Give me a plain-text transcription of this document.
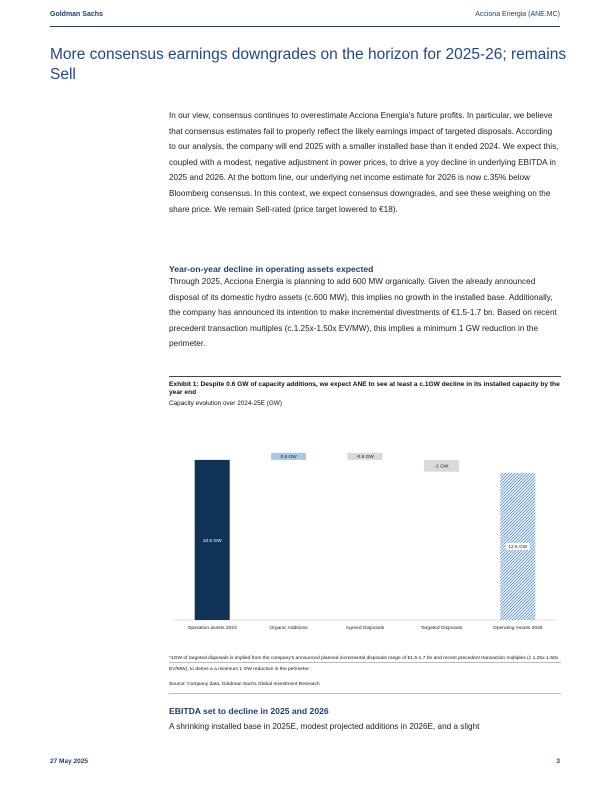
Goldman Sachs	Acciona Energia (ANE.MC)
More consensus earnings downgrades on the horizon for 2025-26; remains Sell
In our view, consensus continues to overestimate Acciona Energia's future profits. In particular, we believe that consensus estimates fail to properly reflect the likely earnings impact of targeted disposals. According to our analysis, the company will end 2025 with a smaller installed base than it ended 2024. We expect this, coupled with a modest, negative adjustment in power prices, to drive a yoy decline in underlying EBITDA in 2025 and 2026. At the bottom line, our underlying net income estimate for 2026 is now c.35% below Bloomberg consensus. In this context, we expect consensus downgrades, and see these weighing on the share price. We remain Sell-rated (price target lowered to €18).
Year-on-year decline in operating assets expected
Through 2025, Acciona Energia is planning to add 600 MW organically. Given the already announced disposal of its domestic hydro assets (c.600 MW), this implies no growth in the installed base. Additionally, the company has announced its intention to make incremental divestments of €1.5-1.7 bn. Based on recent precedent transaction multiples (c.1.25x-1.50x EV/MW), this implies a minimum 1 GW reduction in the perimeter.
Exhibit 1: Despite 0.6 GW of capacity additions, we expect ANE to see at least a c.1GW decline in its installed capacity by the year end
Capacity evolution over 2024-25E (GW)
13.6 GW
0.6 GW	-0.6 GW
-1 GW
12.5 GW
Operation assets 2024	Organic Additions	Agreed Disposals	Targeted Disposals	Operating Assets 2025
*1GW of targeted disposals is implied from the company's announced planned incremental disposals range of €1.5-1.7 bn and recent precedent transaction multiples (c.1.25x-1.50x EV/MW), to derive a a minimum 1 GW reduction in the perimeter.
Source: Company data, Goldman Sachs Global Investment Research
EBITDA set to decline in 2025 and 2026
A shrinking installed base in 2025E, modest projected additions in 2026E, and a slight
27 May 2025	3
